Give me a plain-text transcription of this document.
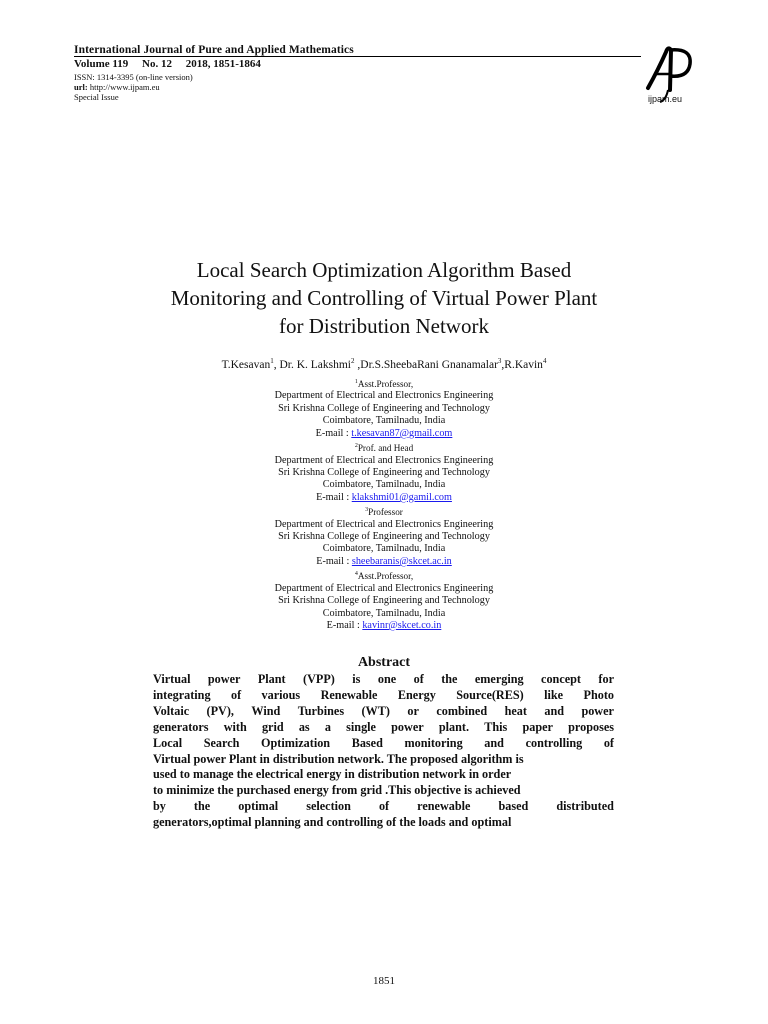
International Journal of Pure and Applied Mathematics
Volume 119 No. 12 2018, 1851-1864
ISSN: 1314-3395 (on-line version)
url: http://www.ijpam.eu
Special Issue	ijpam.eu
Local Search Optimization Algorithm Based
Monitoring and Controlling of Virtual Power Plant
for Distribution Network
T.Kesavan$^1$, Dr. K. Lakshmi$^2$ ,Dr.S.SheebaRani Gnanamalar$^3$,R.Kavin$^4$
$^1$Asst.Professor,
Department of Electrical and Electronics Engineering
Sri Krishna College of Engineering and Technology
Coimbatore, Tamilnadu, India
E-mail : t.kesavan87@gmail.com
$^2$Prof. and Head
Department of Electrical and Electronics Engineering
Sri Krishna College of Engineering and Technology
Coimbatore, Tamilnadu, India
E-mail : klakshmi01@gamil.com
$^3$Professor
Department of Electrical and Electronics Engineering
Sri Krishna College of Engineering and Technology
Coimbatore, Tamilnadu, India
E-mail : sheebaranis@skcet.ac.in
$^4$Asst.Professor,
Department of Electrical and Electronics Engineering
Sri Krishna College of Engineering and Technology
Coimbatore, Tamilnadu, India
E-mail : kavinr@skcet.co.in
Abstract
Virtual power Plant (VPP) is one of the emerging concept for
integrating of various Renewable Energy Source(RES) like Photo
Voltaic (PV), Wind Turbines (WT) or combined heat and power
generators with grid as a single power plant. This paper proposes
Local Search Optimization Based monitoring and controlling of
Virtual power Plant in distribution network. The proposed algorithm is
used to manage the electrical energy in distribution network in order
to minimize the purchased energy from grid .This objective is achieved
by the optimal selection of renewable based distributed
generators,optimal planning and controlling of the loads and optimal
1851
